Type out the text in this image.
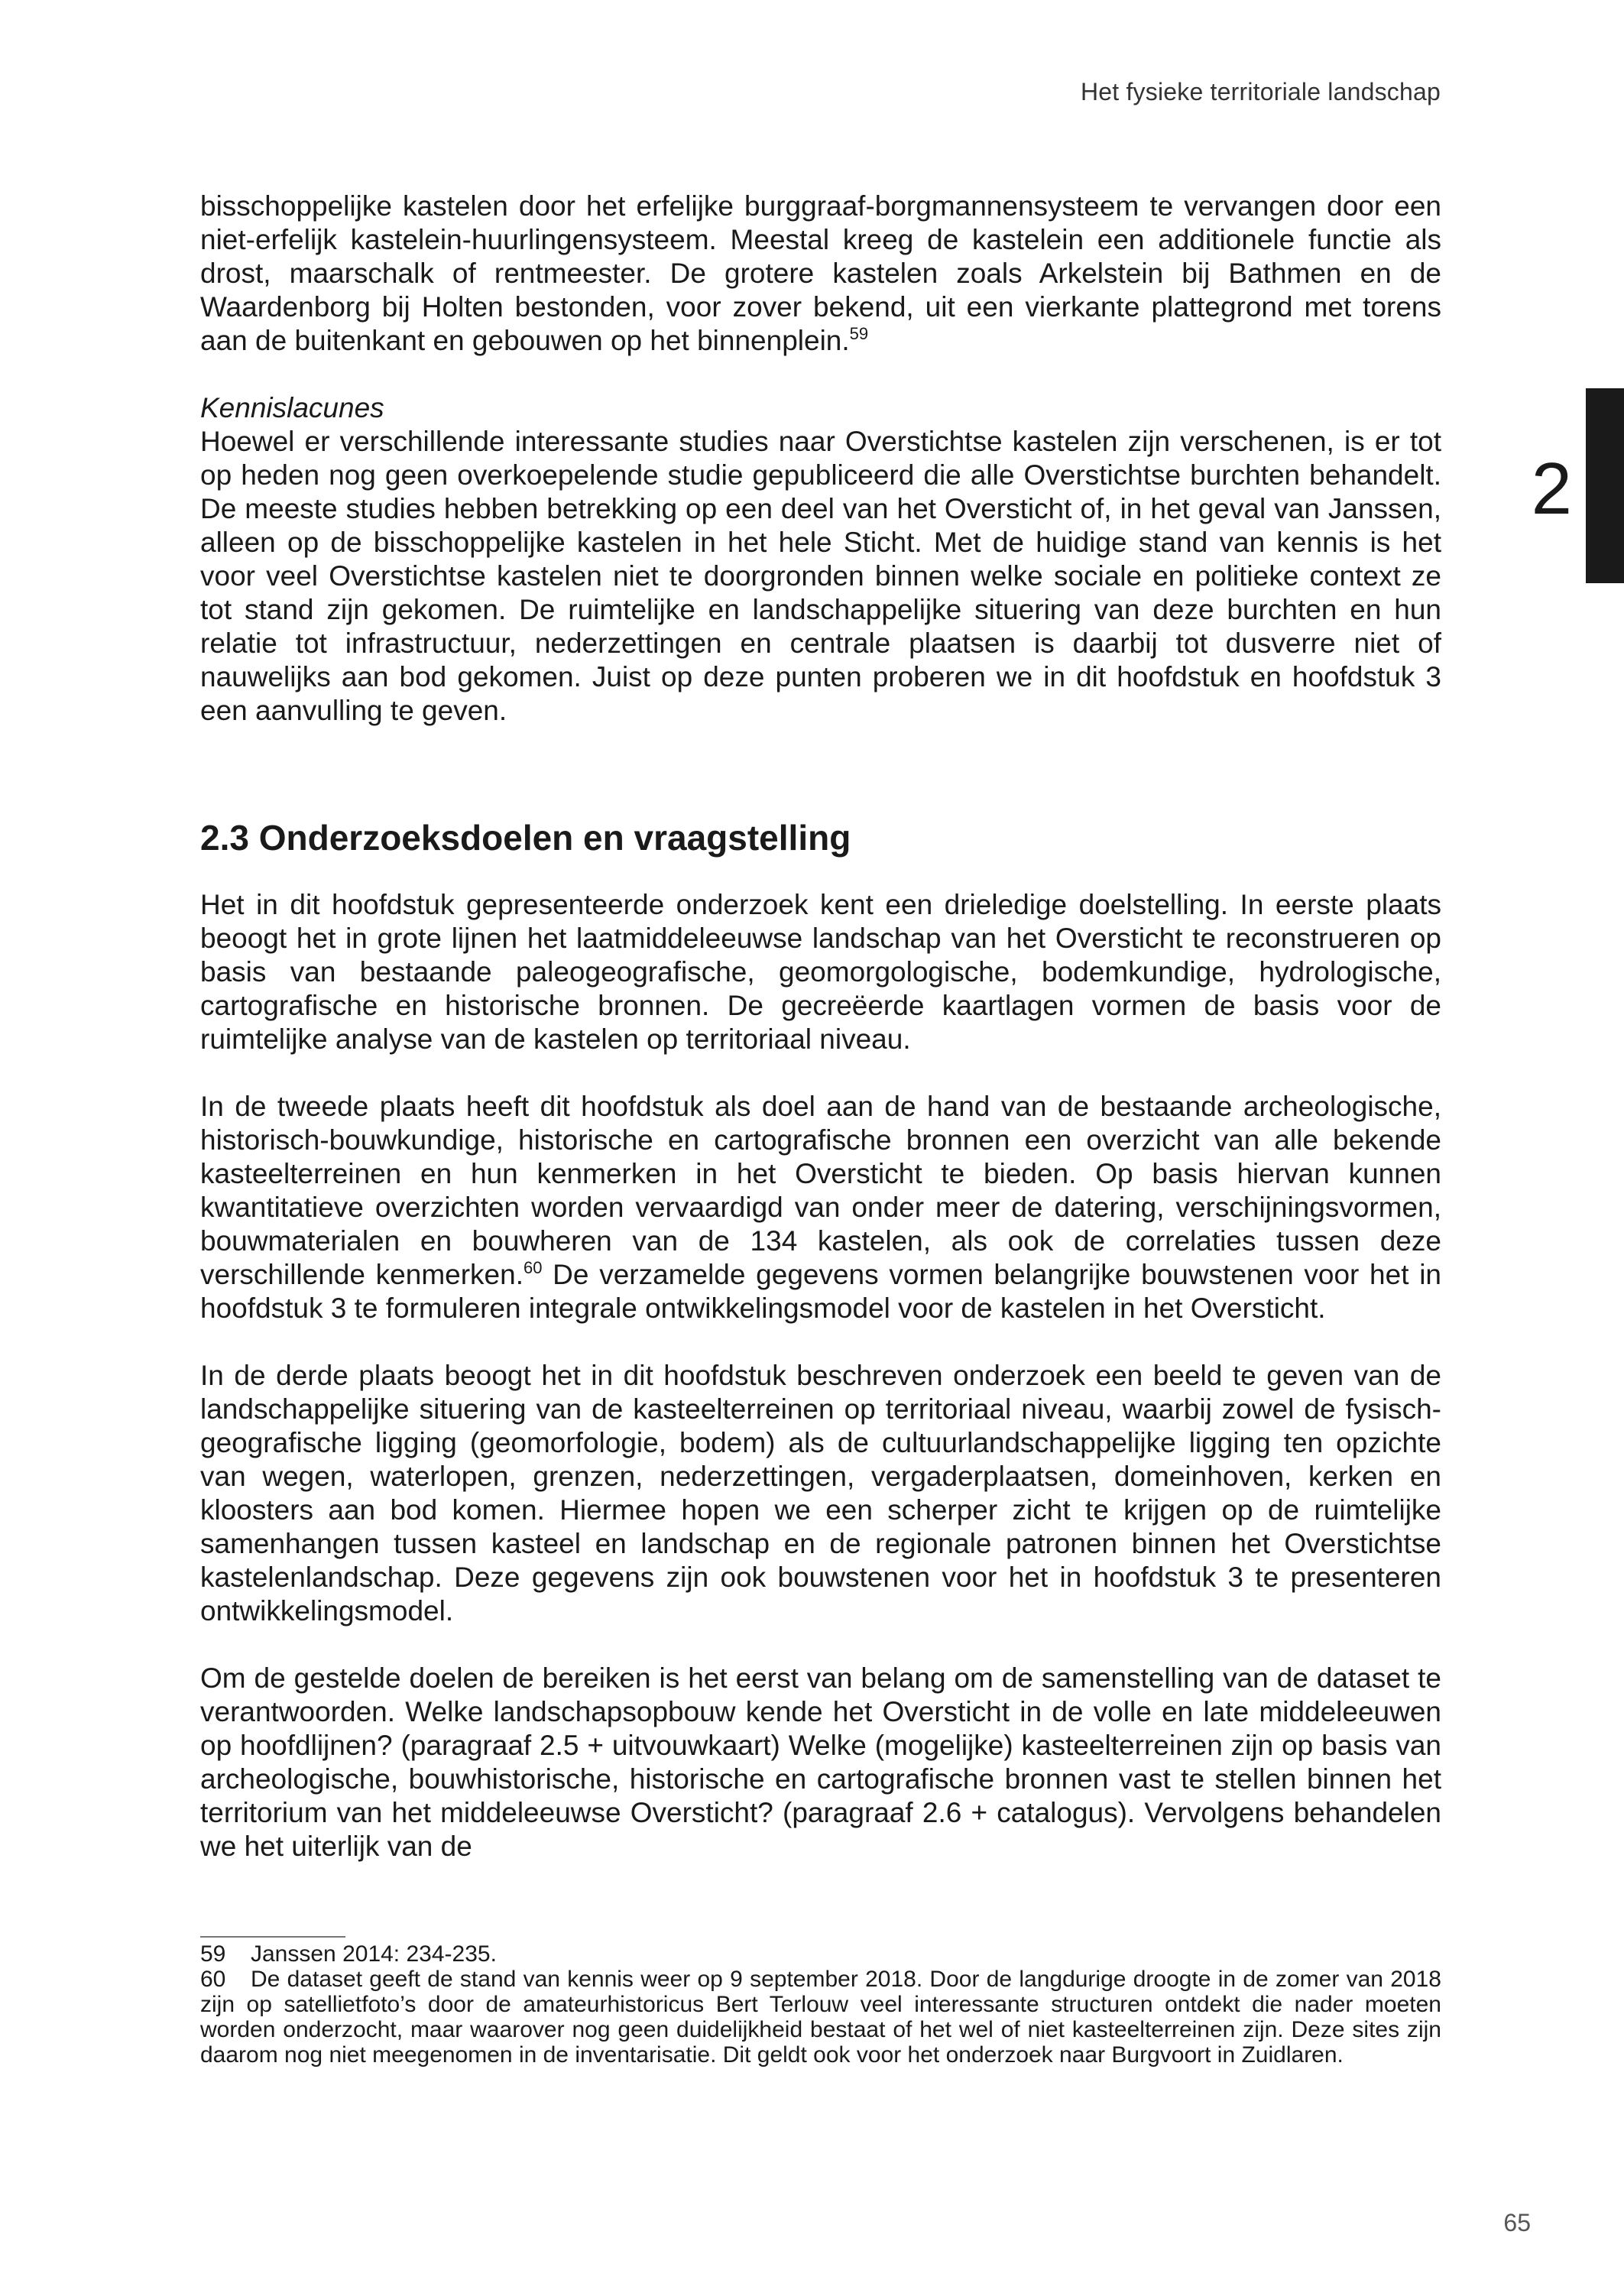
Het fysieke territoriale landschap
2

bisschoppelijke kastelen door het erfelijke burggraaf-borgmannensysteem te vervangen door een niet-erfelijk kastelein-huurlingensysteem. Meestal kreeg de kastelein een additionele functie als drost, maarschalk of rentmeester. De grotere kastelen zoals Arkelstein bij Bathmen en de Waardenborg bij Holten bestonden, voor zover bekend, uit een vierkante plattegrond met torens aan de buitenkant en gebouwen op het binnenplein.$^{59}$

Kennislacunes

Hoewel er verschillende interessante studies naar Overstichtse kastelen zijn verschenen, is er tot op heden nog geen overkoepelende studie gepubliceerd die alle Overstichtse burchten behandelt. De meeste studies hebben betrekking op een deel van het Oversticht of, in het geval van Janssen, alleen op de bisschoppelijke kastelen in het hele Sticht. Met de huidige stand van kennis is het voor veel Overstichtse kastelen niet te doorgronden binnen welke sociale en politieke context ze tot stand zijn gekomen. De ruimtelijke en landschappelijke situering van deze burchten en hun relatie tot infrastructuur, nederzettingen en centrale plaatsen is daarbij tot dusverre niet of nauwelijks aan bod gekomen. Juist op deze punten proberen we in dit hoofdstuk en hoofdstuk 3 een aanvulling te geven.

2.3 Onderzoeksdoelen en vraagstelling

Het in dit hoofdstuk gepresenteerde onderzoek kent een drieledige doelstelling. In eerste plaats beoogt het in grote lijnen het laatmiddeleeuwse landschap van het Oversticht te reconstrueren op basis van bestaande paleogeografische, geomorgologische, bodemkundige, hydrologische, cartografische en historische bronnen. De gecreëerde kaartlagen vormen de basis voor de ruimtelijke analyse van de kastelen op territoriaal niveau.

In de tweede plaats heeft dit hoofdstuk als doel aan de hand van de bestaande archeologische, historisch-bouwkundige, historische en cartografische bronnen een overzicht van alle bekende kasteelterreinen en hun kenmerken in het Oversticht te bieden. Op basis hiervan kunnen kwantitatieve overzichten worden vervaardigd van onder meer de datering, verschijningsvormen, bouwmaterialen en bouwheren van de 134 kastelen, als ook de correlaties tussen deze verschillende kenmerken.$^{60}$ De verzamelde gegevens vormen belangrijke bouwstenen voor het in hoofdstuk 3 te formuleren integrale ontwikkelingsmodel voor de kastelen in het Oversticht.

In de derde plaats beoogt het in dit hoofdstuk beschreven onderzoek een beeld te geven van de landschappelijke situering van de kasteelterreinen op territoriaal niveau, waarbij zowel de fysisch-geografische ligging (geomorfologie, bodem) als de cultuurlandschappelijke ligging ten opzichte van wegen, waterlopen, grenzen, nederzettingen, vergaderplaatsen, domeinhoven, kerken en kloosters aan bod komen. Hiermee hopen we een scherper zicht te krijgen op de ruimtelijke samenhangen tussen kasteel en landschap en de regionale patronen binnen het Overstichtse kastelenlandschap. Deze gegevens zijn ook bouwstenen voor het in hoofdstuk 3 te presenteren ontwikkelingsmodel.

Om de gestelde doelen de bereiken is het eerst van belang om de samenstelling van de dataset te verantwoorden. Welke landschapsopbouw kende het Oversticht in de volle en late middeleeuwen op hoofdlijnen? (paragraaf 2.5 + uitvouwkaart) Welke (mogelijke) kasteelterreinen zijn op basis van archeologische, bouwhistorische, historische en cartografische bronnen vast te stellen binnen het territorium van het middeleeuwse Oversticht? (paragraaf 2.6 + catalogus). Vervolgens behandelen we het uiterlijk van de

59 Janssen 2014: 234-235.

60 De dataset geeft de stand van kennis weer op 9 september 2018. Door de langdurige droogte in de zomer van 2018 zijn op satellietfoto’s door de amateurhistoricus Bert Terlouw veel interessante structuren ontdekt die nader moeten worden onderzocht, maar waarover nog geen duidelijkheid bestaat of het wel of niet kasteelterreinen zijn. Deze sites zijn daarom nog niet meegenomen in de inventarisatie. Dit geldt ook voor het onderzoek naar Burgvoort in Zuidlaren.

65
